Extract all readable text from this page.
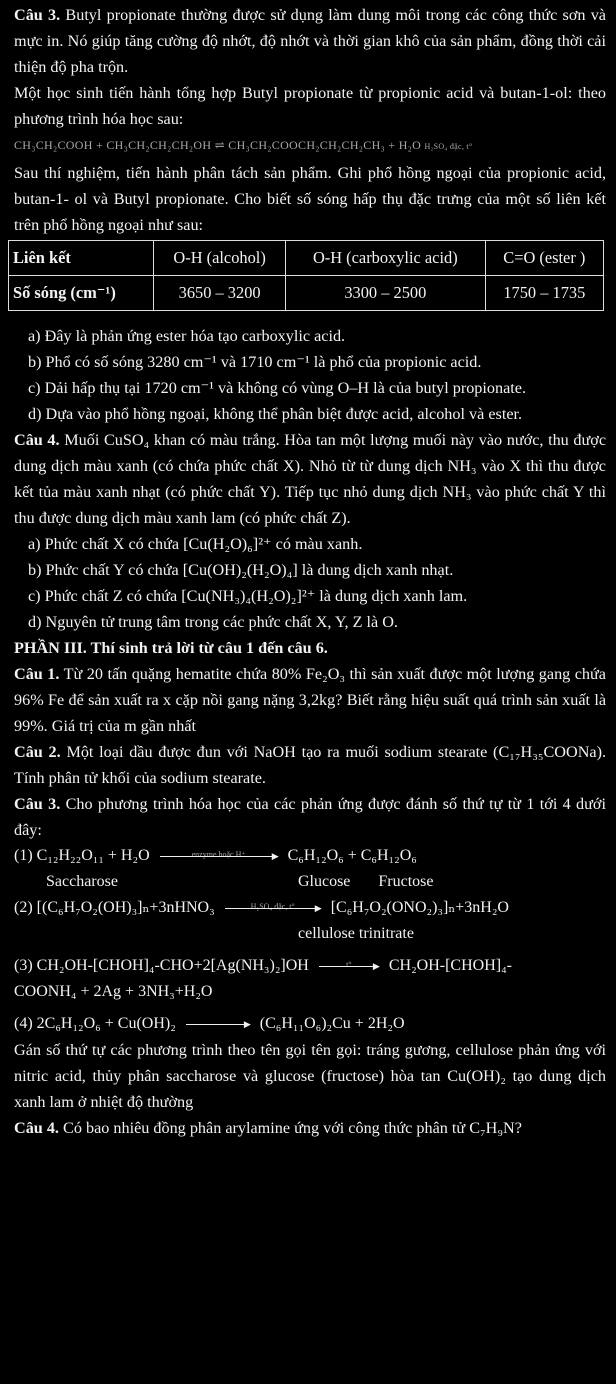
Câu 3. Butyl propionate thường được sử dụng làm dung môi trong các công thức sơn và mực in. Nó giúp tăng cường độ nhớt, độ nhớt và thời gian khô của sản phẩm, đồng thời cải thiện độ pha trộn.

Một học sinh tiến hành tổng hợp Butyl propionate từ propionic acid và butan-1-ol: theo phương trình hóa học sau:

CH₃CH₂COOH + CH₃CH₂CH₂CH₂OH ⇌ CH₃CH₂COOCH₂CH₂CH₂CH₃ + H₂O H₂SO₄ đặc, t°

Sau thí nghiệm, tiến hành phân tách sản phẩm. Ghi phổ hồng ngoại của propionic acid, butan-1- ol và Butyl propionate. Cho biết số sóng hấp thụ đặc trưng của một số liên kết trên phổ hồng ngoại như sau:

Liên kết	O-H (alcohol)	O-H (carboxylic acid)	C=O (ester )
Số sóng (cm⁻¹)	3650 – 3200	3300 – 2500	1750 – 1735

a) Đây là phản ứng ester hóa tạo carboxylic acid.

b) Phổ có số sóng 3280 cm⁻¹ và 1710 cm⁻¹ là phổ của propionic acid.

c) Dải hấp thụ tại 1720 cm⁻¹ và không có vùng O–H là của butyl propionate.

d) Dựa vào phổ hồng ngoại, không thể phân biệt được acid, alcohol và ester.

Câu 4. Muối CuSO₄ khan có màu trắng. Hòa tan một lượng muối này vào nước, thu được dung dịch màu xanh (có chứa phức chất X). Nhỏ từ từ dung dịch NH₃ vào X thì thu được kết tủa màu xanh nhạt (có phức chất Y). Tiếp tục nhỏ dung dịch NH₃ vào phức chất Y thì thu được dung dịch màu xanh lam (có phức chất Z).

a) Phức chất X có chứa [Cu(H₂O)₆]²⁺ có màu xanh.

b) Phức chất Y có chứa [Cu(OH)₂(H₂O)₄] là dung dịch xanh nhạt.

c) Phức chất Z có chứa [Cu(NH₃)₄(H₂O)₂]²⁺ là dung dịch xanh lam.

d) Nguyên tử trung tâm trong các phức chất X, Y, Z là O.

PHẦN III. Thí sinh trả lời từ câu 1 đến câu 6.

Câu 1. Từ 20 tấn quặng hematite chứa 80% Fe₂O₃ thì sản xuất được một lượng gang chứa 96% Fe để sản xuất ra x cặp nồi gang nặng 3,2kg? Biết rằng hiệu suất quá trình sản xuất là 99%. Giá trị của m gần nhất

Câu 2. Một loại dầu được đun với NaOH tạo ra muối sodium stearate (C₁₇H₃₅COONa). Tính phân tử khối của sodium stearate.

Câu 3. Cho phương trình hóa học của các phản ứng được đánh số thứ tự từ 1 tới 4 dưới đây:

(1) C₁₂H₂₂O₁₁ + H₂O	enzyme hoặc H⁺	▶ C₆H₁₂O₆ + C₆H₁₂O₆

Saccharose	Glucose Fructose

(2) [(C₆H₇O₂(OH)₃]ₙ+3nHNO₃	H₂SO₄ đặc, t°	▶ [C₆H₇O₂(ONO₂)₃]ₙ+3nH₂O

cellulose trinitrate

(3) CH₂OH-[CHOH]₄-CHO+2[Ag(NH₃)₂]OH	t°	▶ CH₂OH-[CHOH]₄-

COONH₄ + 2Ag + 3NH₃+H₂O

(4) 2C₆H₁₂O₆ + Cu(OH)₂	▶ (C₆H₁₁O₆)₂Cu + 2H₂O

Gán số thứ tự các phương trình theo tên gọi tên gọi: tráng gương, cellulose phản ứng với nitric acid, thủy phân saccharose và glucose (fructose) hòa tan Cu(OH)₂ tạo dung dịch xanh lam ở nhiệt độ thường

Câu 4. Có bao nhiêu đồng phân arylamine ứng với công thức phân tử C₇H₉N?
